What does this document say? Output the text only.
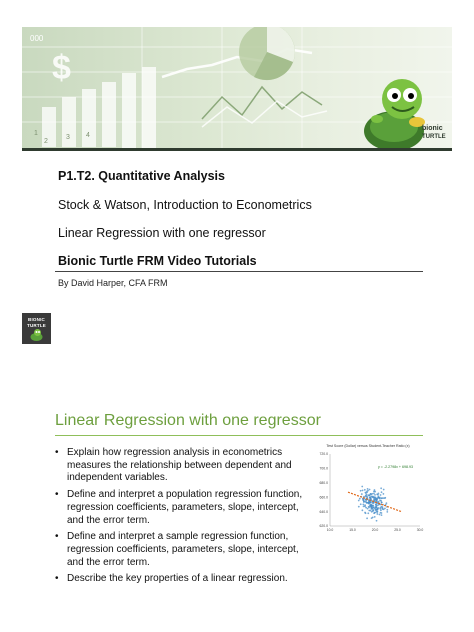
$
1
2
3 4
000
bionic
TURTLE
P1.T2. Quantitative Analysis
Stock & Watson, Introduction to Econometrics
Linear Regression with one regressor
Bionic Turtle FRM Video Tutorials
By David Harper, CFA FRM
BIONIC
TURTLE
Linear Regression with one regressor
• Explain how regression analysis in econometrics measures the relationship between dependent and independent variables.
• Define and interpret a population regression function, regression coefficients, parameters, slope, intercept, and the error term.
• Define and interpret a sample regression function, regression coefficients, parameters, slope, intercept, and the error term.
• Describe the key properties of a linear regression.
Test Score (Dollar) versus Student-Teacher Ratio (x)
720.0
700.0
680.0
660.0
640.0
620.0
10.0	15.0	20.0	25.0	30.0
y = -2.2798x + 698.93
